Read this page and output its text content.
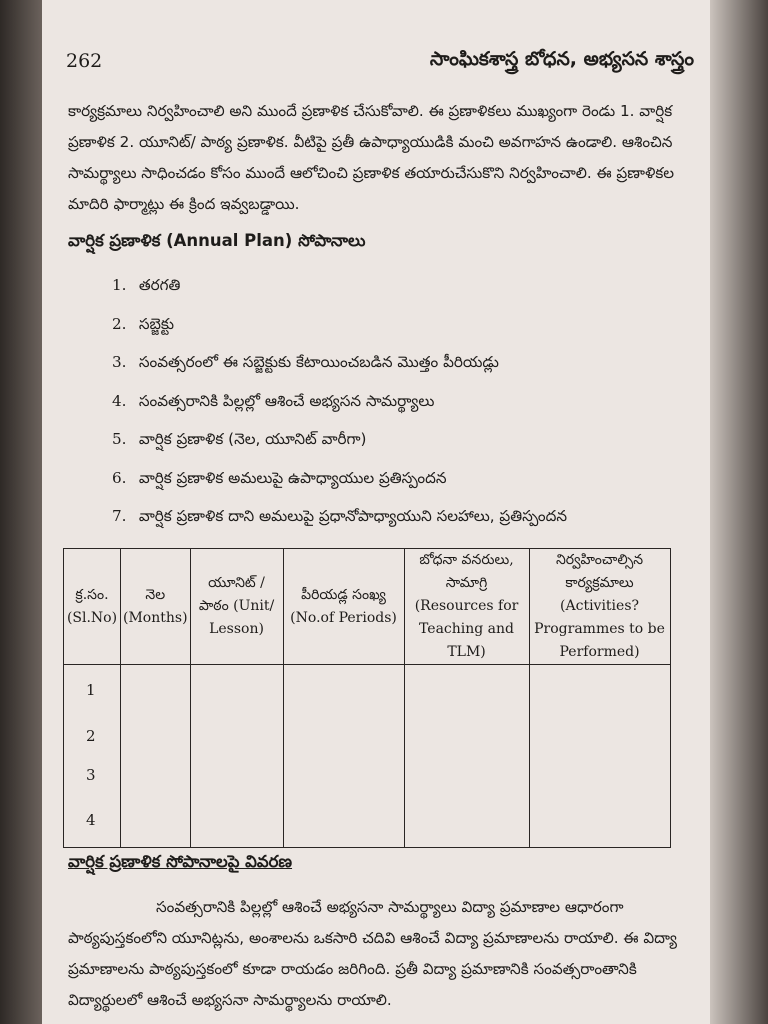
262	సాంఘికశాస్త్ర బోధన, అభ్యసన శాస్త్రం
కార్యక్రమాలు నిర్వహించాలి అని ముందే ప్రణాళిక చేసుకోవాలి. ఈ ప్రణాళికలు ముఖ్యంగా రెండు 1. వార్షిక ప్రణాళిక 2. యూనిట్/ పాఠ్య ప్రణాళిక. వీటిపై ప్రతీ ఉపాధ్యాయుడికి మంచి అవగాహన ఉండాలి. ఆశించిన సామర్థ్యాలు సాధించడం కోసం ముందే ఆలోచించి ప్రణాళిక తయారుచేసుకొని నిర్వహించాలి. ఈ ప్రణాళికల మాదిరి ఫార్మాట్లు ఈ క్రింద ఇవ్వబడ్డాయి.
వార్షిక ప్రణాళిక (Annual Plan) సోపానాలు
1. తరగతి
2. సబ్జెక్టు
3. సంవత్సరంలో ఈ సబ్జెక్టుకు కేటాయించబడిన మొత్తం పీరియడ్లు
4. సంవత్సరానికి పిల్లల్లో ఆశించే అభ్యసన సామర్థ్యాలు
5. వార్షిక ప్రణాళిక (నెల, యూనిట్ వారీగా)
6. వార్షిక ప్రణాళిక అమలుపై ఉపాధ్యాయుల ప్రతిస్పందన
7. వార్షిక ప్రణాళిక దాని అమలుపై ప్రధానోపాధ్యాయుని సలహాలు, ప్రతిస్పందన
క్ర.సం. (Sl.No)	నెల (Months)	యూనిట్ / పాఠం (Unit/ Lesson)	పీరియడ్ల సంఖ్య (No.of Periods)	బోధనా వనరులు, సామాగ్రి (Resources for Teaching and TLM)	నిర్వహించాల్సిన కార్యక్రమాలు (Activities? Programmes to be Performed)

1
2
3
4					

వార్షిక ప్రణాళిక సోపానాలపై వివరణ
సంవత్సరానికి పిల్లల్లో ఆశించే అభ్యసనా సామర్థ్యాలు విద్యా ప్రమాణాల ఆధారంగా పాఠ్యపుస్తకంలోని యూనిట్లను, అంశాలను ఒకసారి చదివి ఆశించే విద్యా ప్రమాణాలను రాయాలి. ఈ విద్యా ప్రమాణాలను పాఠ్యపుస్తకంలో కూడా రాయడం జరిగింది. ప్రతీ విద్యా ప్రమాణానికి సంవత్సరాంతానికి విద్యార్థులలో ఆశించే అభ్యసనా సామర్థ్యాలను రాయాలి.
